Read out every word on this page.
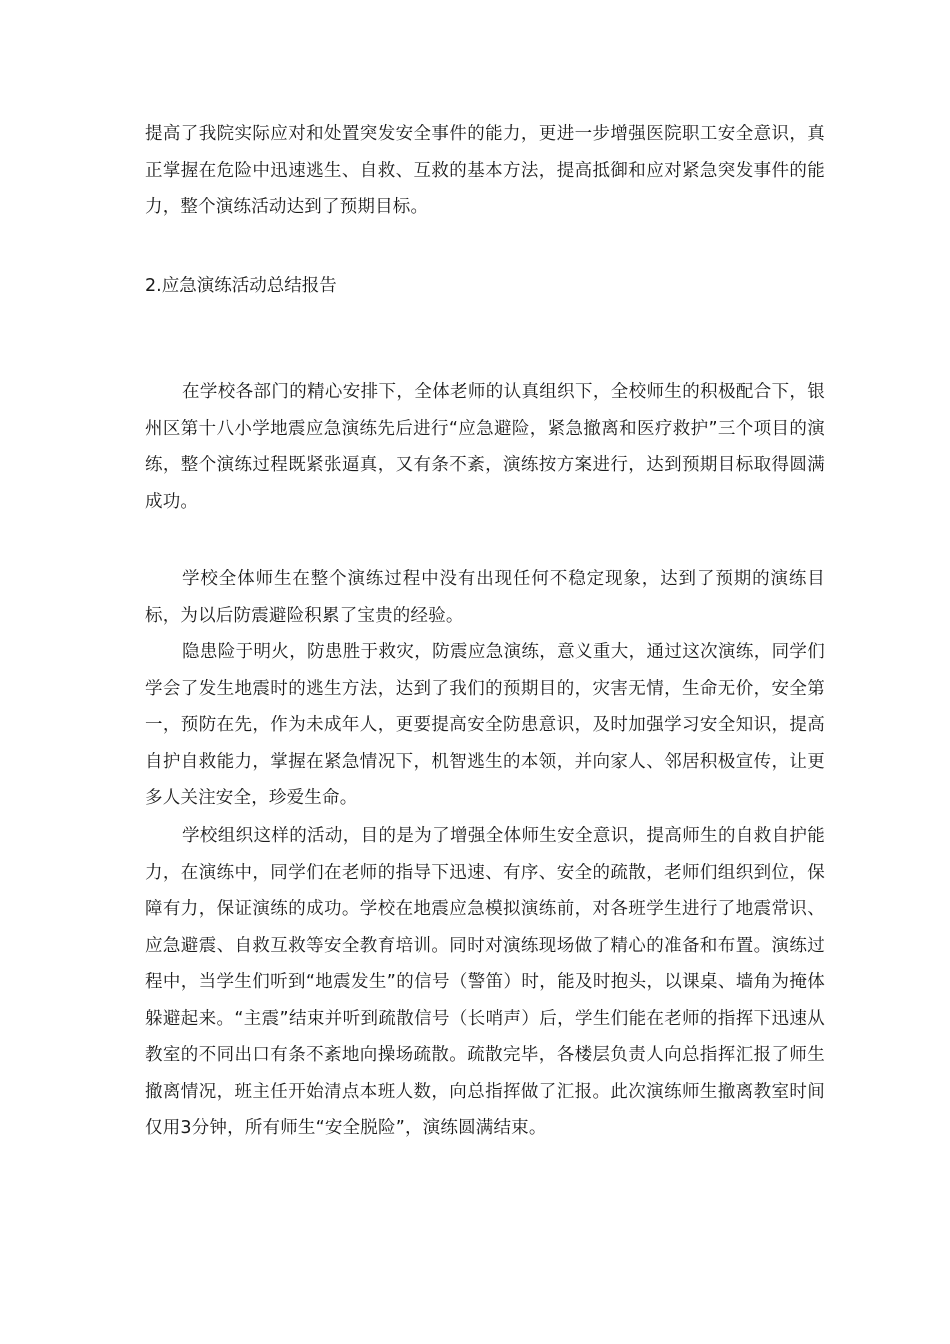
提高了我院实际应对和处置突发安全事件的能力，更进一步增强医院职工安全意识，真正掌握在危险中迅速逃生、自救、互救的基本方法，提高抵御和应对紧急突发事件的能力，整个演练活动达到了预期目标。

2.应急演练活动总结报告

在学校各部门的精心安排下，全体老师的认真组织下，全校师生的积极配合下，银州区第十八小学地震应急演练先后进行“应急避险，紧急撤离和医疗救护”三个项目的演练，整个演练过程既紧张逼真，又有条不紊，演练按方案进行，达到预期目标取得圆满成功。

学校全体师生在整个演练过程中没有出现任何不稳定现象，达到了预期的演练目标，为以后防震避险积累了宝贵的经验。

隐患险于明火，防患胜于救灾，防震应急演练，意义重大，通过这次演练，同学们学会了发生地震时的逃生方法，达到了我们的预期目的，灾害无情，生命无价，安全第一，预防在先，作为未成年人，更要提高安全防患意识，及时加强学习安全知识，提高自护自救能力，掌握在紧急情况下，机智逃生的本领，并向家人、邻居积极宣传，让更多人关注安全，珍爱生命。

学校组织这样的活动，目的是为了增强全体师生安全意识，提高师生的自救自护能力，在演练中，同学们在老师的指导下迅速、有序、安全的疏散，老师们组织到位，保障有力，保证演练的成功。学校在地震应急模拟演练前，对各班学生进行了地震常识、应急避震、自救互救等安全教育培训。同时对演练现场做了精心的准备和布置。演练过程中，当学生们听到“地震发生”的信号（警笛）时，能及时抱头，以课桌、墙角为掩体躲避起来。“主震”结束并听到疏散信号（长哨声）后，学生们能在老师的指挥下迅速从教室的不同出口有条不紊地向操场疏散。疏散完毕，各楼层负责人向总指挥汇报了师生撤离情况，班主任开始清点本班人数，向总指挥做了汇报。此次演练师生撤离教室时间仅用3分钟，所有师生“安全脱险”，演练圆满结束。
